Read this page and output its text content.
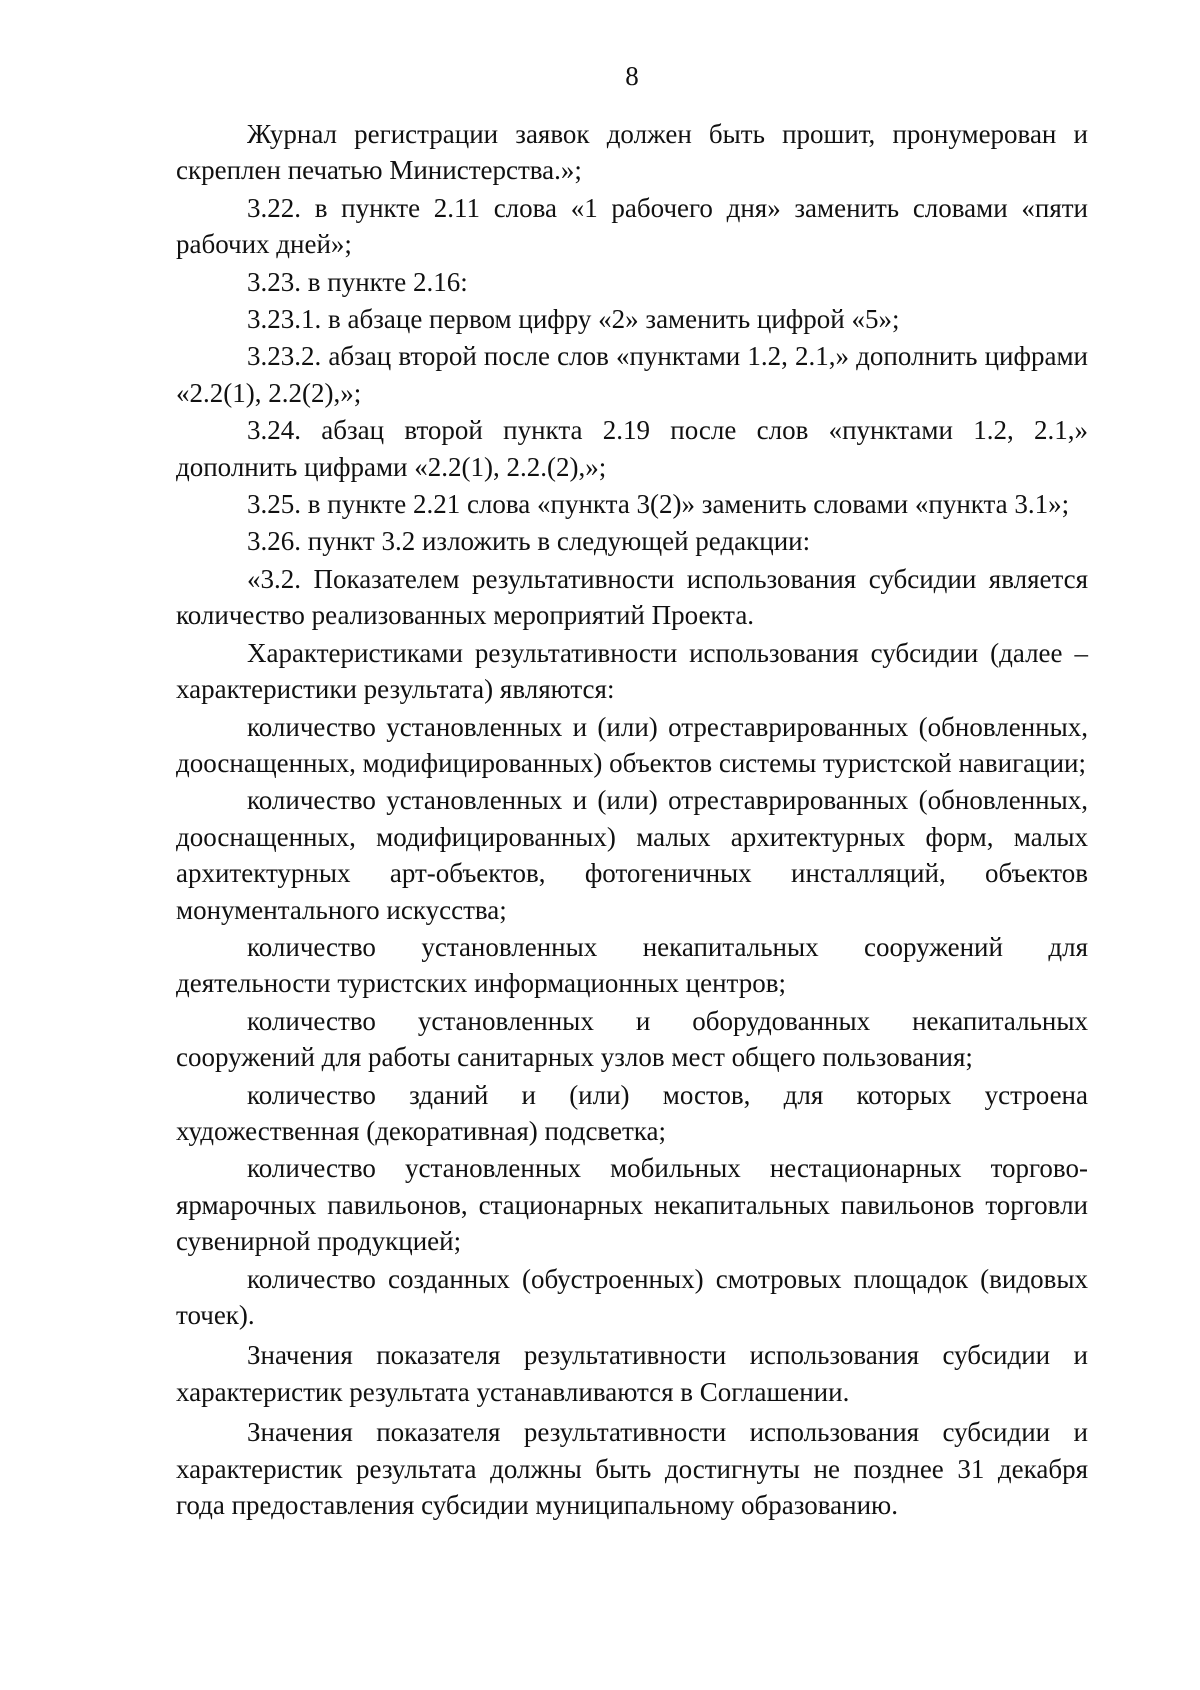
8

Журнал регистрации заявок должен быть прошит, пронумерован и скреплен печатью Министерства.»;

3.22. в пункте 2.11 слова «1 рабочего дня» заменить словами «пяти рабочих дней»;

3.23. в пункте 2.16:

3.23.1. в абзаце первом цифру «2» заменить цифрой «5»;

3.23.2. абзац второй после слов «пунктами 1.2, 2.1,» дополнить цифрами «2.2(1), 2.2(2),»;

3.24. абзац второй пункта 2.19 после слов «пунктами 1.2, 2.1,» дополнить цифрами «2.2(1), 2.2.(2),»;

3.25. в пункте 2.21 слова «пункта 3(2)» заменить словами «пункта 3.1»;

3.26. пункт 3.2 изложить в следующей редакции:

«3.2. Показателем результативности использования субсидии является количество реализованных мероприятий Проекта.

Характеристиками результативности использования субсидии (далее – характеристики результата) являются:

количество установленных и (или) отреставрированных (обновленных, дооснащенных, модифицированных) объектов системы туристской навигации;

количество установленных и (или) отреставрированных (обновленных, дооснащенных, модифицированных) малых архитектурных форм, малых архитектурных арт-объектов, фотогеничных инсталляций, объектов монументального искусства;

количество установленных некапитальных сооружений для деятельности туристских информационных центров;

количество установленных и оборудованных некапитальных сооружений для работы санитарных узлов мест общего пользования;

количество зданий и (или) мостов, для которых устроена художественная (декоративная) подсветка;

количество установленных мобильных нестационарных торгово-ярмарочных павильонов, стационарных некапитальных павильонов торговли сувенирной продукцией;

количество созданных (обустроенных) смотровых площадок (видовых точек).

Значения показателя результативности использования субсидии и характеристик результата устанавливаются в Соглашении.

Значения показателя результативности использования субсидии и характеристик результата должны быть достигнуты не позднее 31 декабря года предоставления субсидии муниципальному образованию.
